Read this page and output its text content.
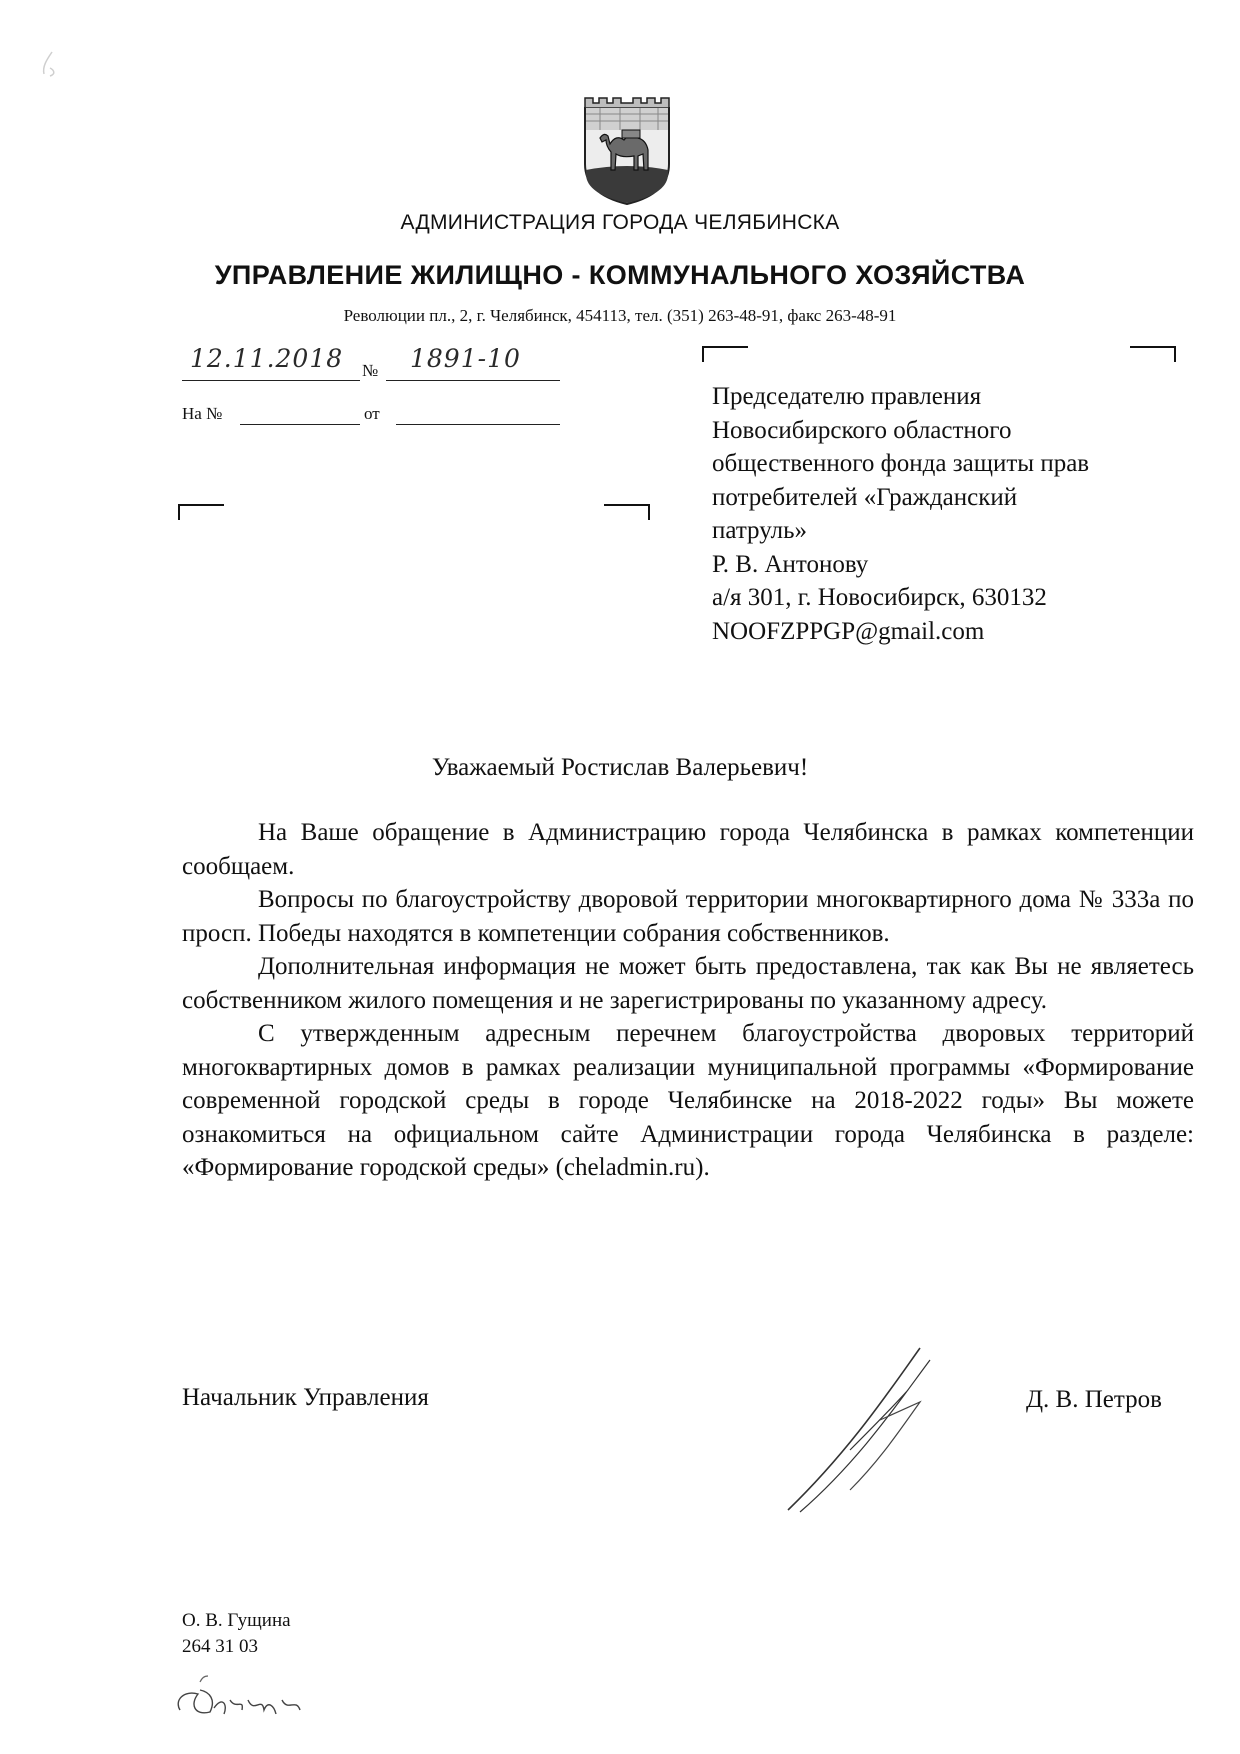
АДМИНИСТРАЦИЯ ГОРОДА ЧЕЛЯБИНСКА
УПРАВЛЕНИЕ ЖИЛИЩНО - КОММУНАЛЬНОГО ХОЗЯЙСТВА
Революции пл., 2, г. Челябинск, 454113, тел. (351) 263-48-91, факс 263-48-91
12.11.2018 № 1891-10
На №	от
Председателю правления
Новосибирского областного
общественного фонда защиты прав
потребителей «Гражданский
патруль»
Р. В. Антонову
а/я 301, г. Новосибирск, 630132
NOOFZPPGP@gmail.com
Уважаемый Ростислав Валерьевич!

На Ваше обращение в Администрацию города Челябинска в рамках компетенции сообщаем.

Вопросы по благоустройству дворовой территории многоквартирного дома № 333а по просп. Победы находятся в компетенции собрания собственников.

Дополнительная информация не может быть предоставлена, так как Вы не являетесь собственником жилого помещения и не зарегистрированы по указанному адресу.

С утвержденным адресным перечнем благоустройства дворовых территорий многоквартирных домов в рамках реализации муниципальной программы «Формирование современной городской среды в городе Челябинске на 2018-2022 годы» Вы можете ознакомиться на официальном сайте Администрации города Челябинска в разделе: «Формирование городской среды» (cheladmin.ru).

Начальник Управления	Д. В. Петров
О. В. Гущина
264 31 03
